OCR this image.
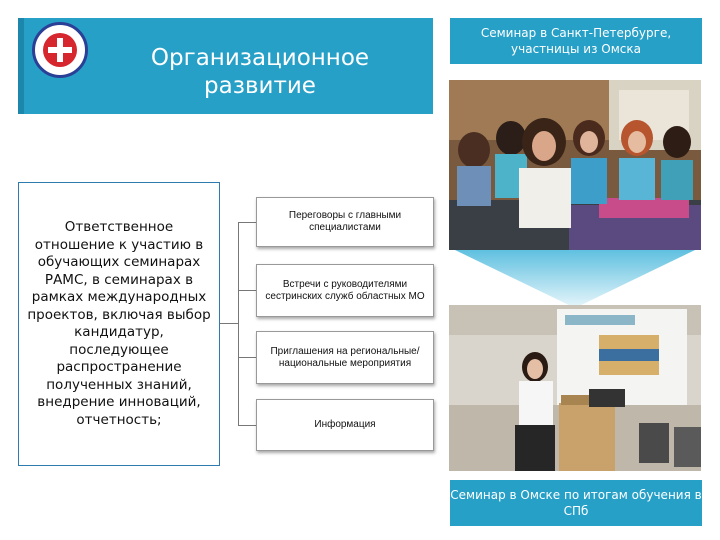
Организационное
развитие
Ответственное отношение к участию в обучающих семинарах РАМС, в семинарах в рамках международных проектов, включая выбор кандидатур, последующее распространение полученных знаний, внедрение инноваций, отчетность;
Переговоры с главными специалистами
Встречи с руководителями сестринских служб областных МО
Приглашения на региональные/национальные мероприятия
Информация
Семинар в Санкт-Петербурге, участницы из Омска
Семинар в Омске по итогам обучения в СПб
